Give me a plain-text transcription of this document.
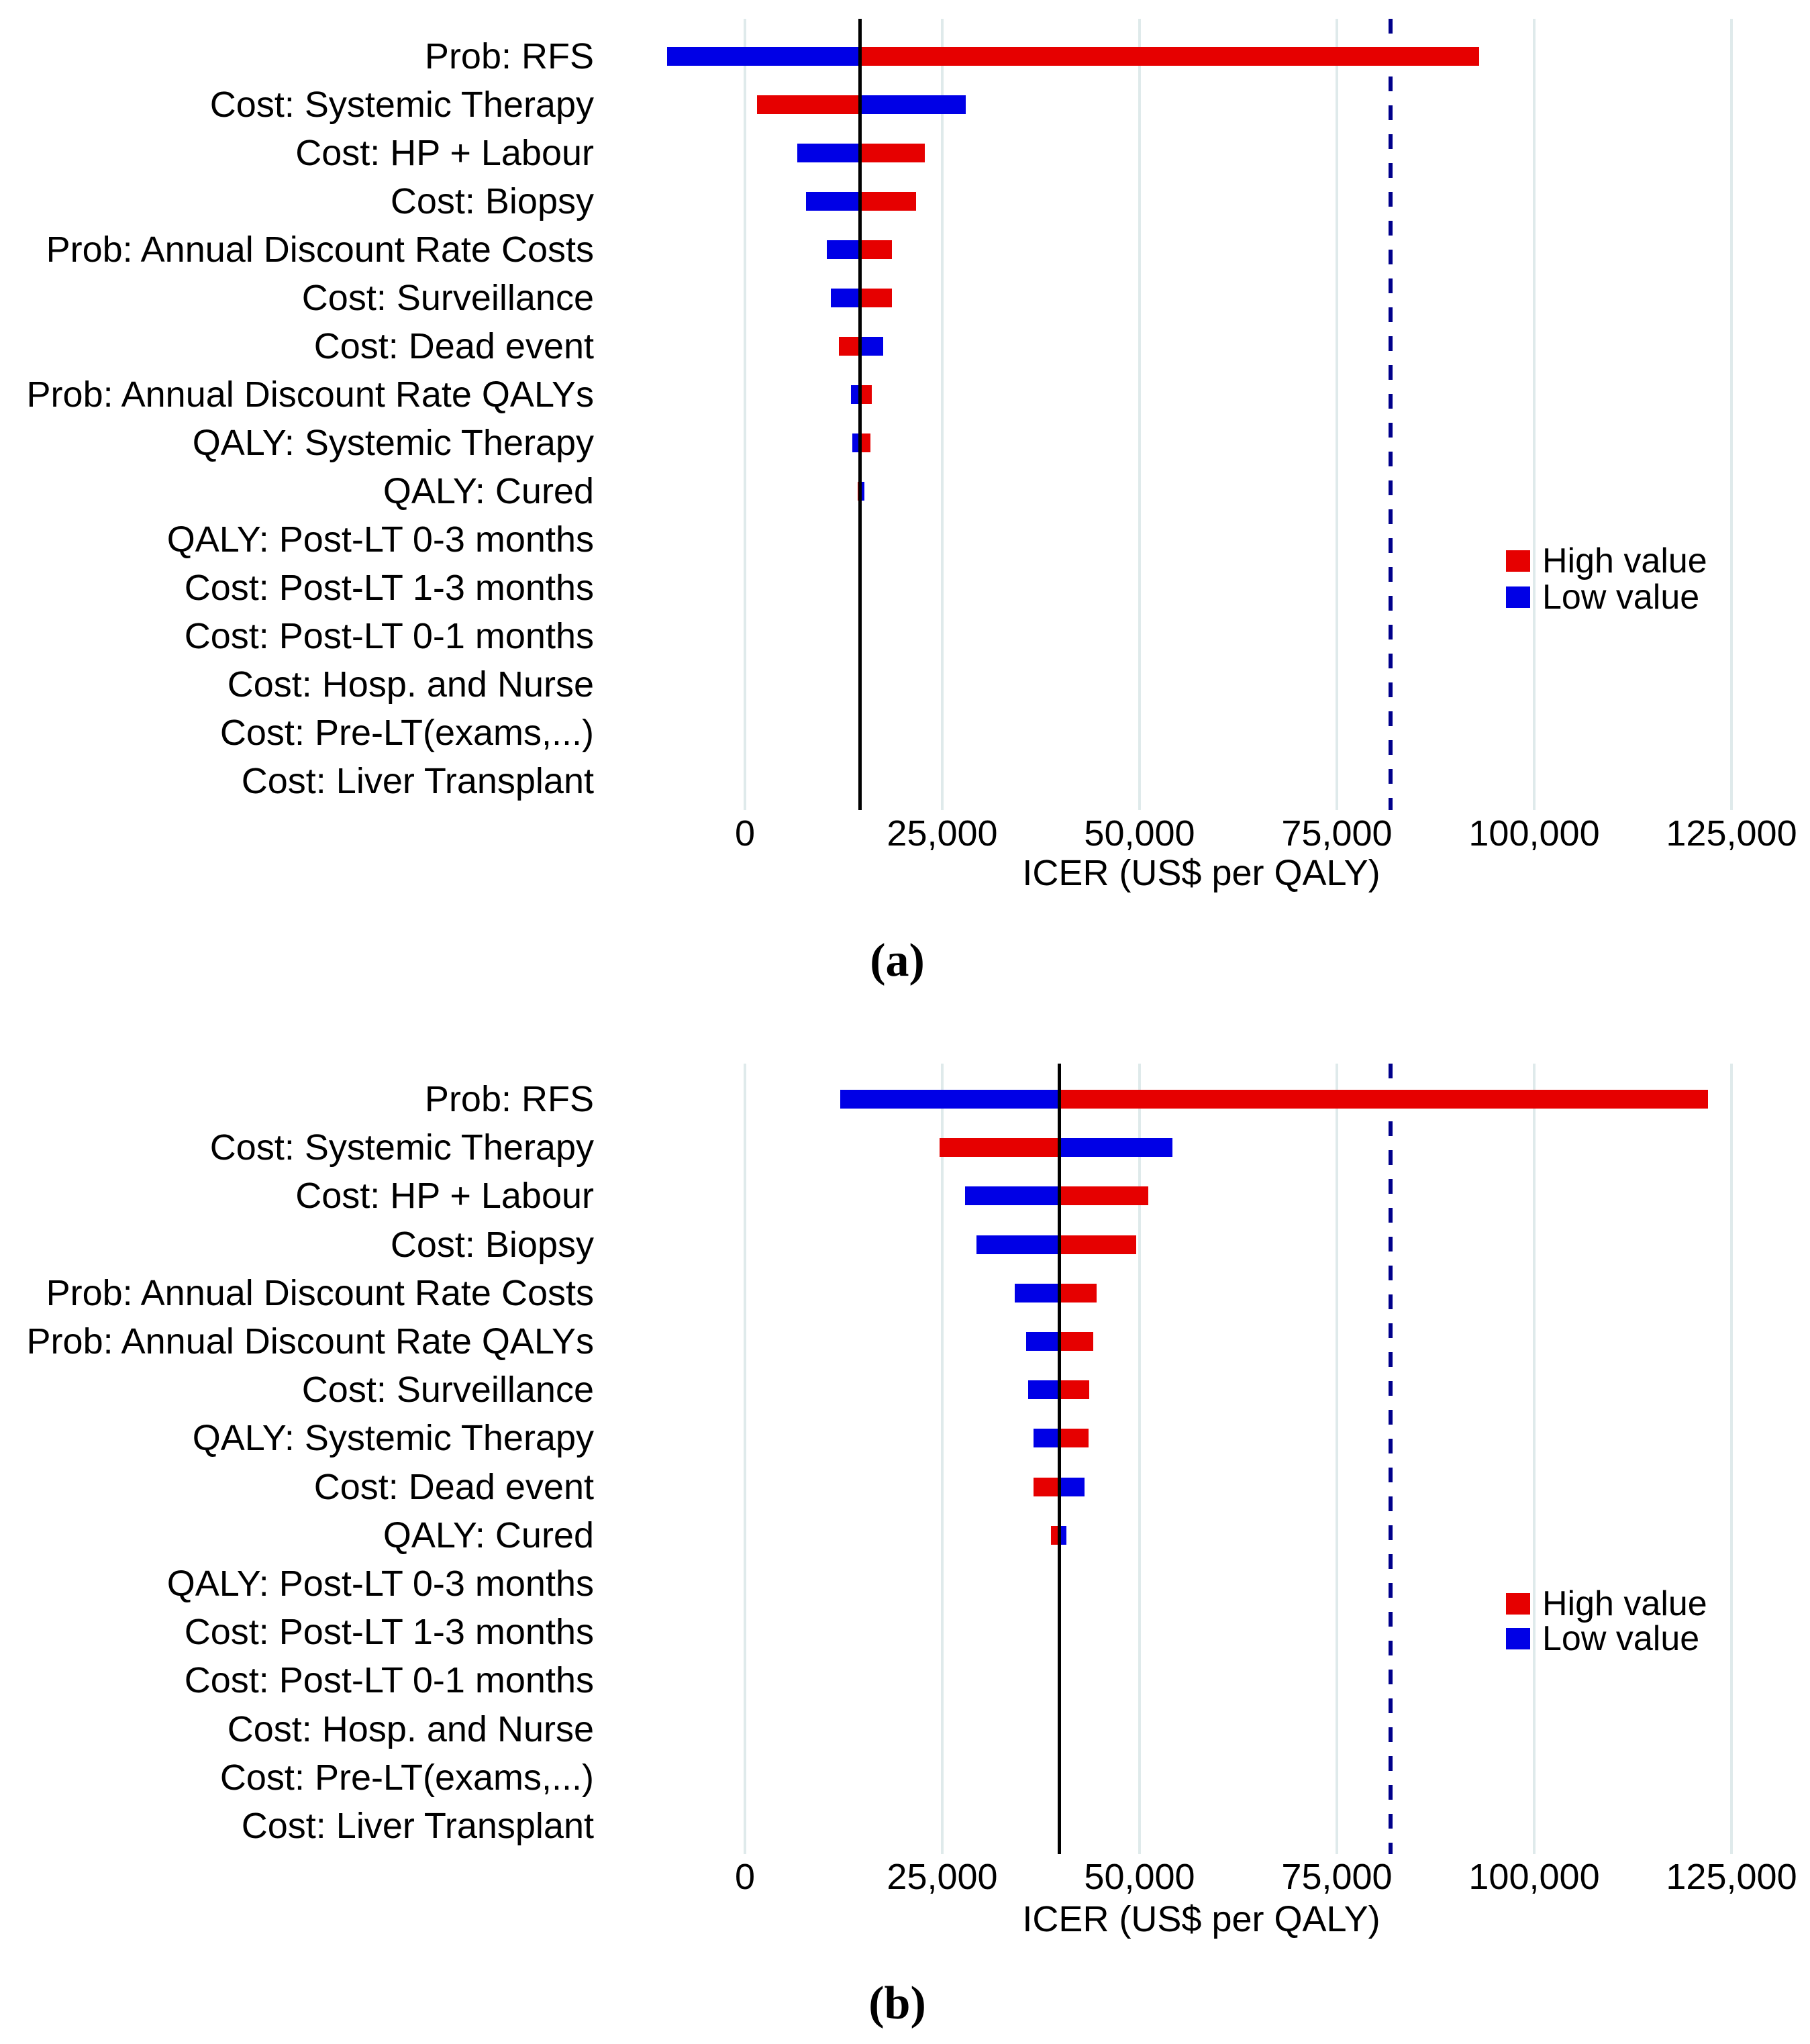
Prob: RFS
Cost: Systemic Therapy
Cost: HP + Labour
Cost: Biopsy
Prob: Annual Discount Rate Costs
Cost: Surveillance
Cost: Dead event
Prob: Annual Discount Rate QALYs
QALY: Systemic Therapy
QALY: Cured
QALY: Post-LT 0-3 months
Cost: Post-LT 1-3 months
Cost: Post-LT 0-1 months
Cost: Hosp. and Nurse
Cost: Pre-LT(exams,...)
Cost: Liver Transplant
0	25,000 50,000 75,000 100,000 125,000
ICER (US$ per QALY)
High value
Low value
(a)
Prob: RFS
Cost: Systemic Therapy
Cost: HP + Labour
Cost: Biopsy
Prob: Annual Discount Rate Costs
Prob: Annual Discount Rate QALYs
Cost: Surveillance
QALY: Systemic Therapy
Cost: Dead event
QALY: Cured
QALY: Post-LT 0-3 months
Cost: Post-LT 1-3 months
Cost: Post-LT 0-1 months
Cost: Hosp. and Nurse
Cost: Pre-LT(exams,...)
Cost: Liver Transplant
0	25,000 50,000 75,000 100,000 125,000
ICER (US$ per QALY)
High value
Low value
(b)
